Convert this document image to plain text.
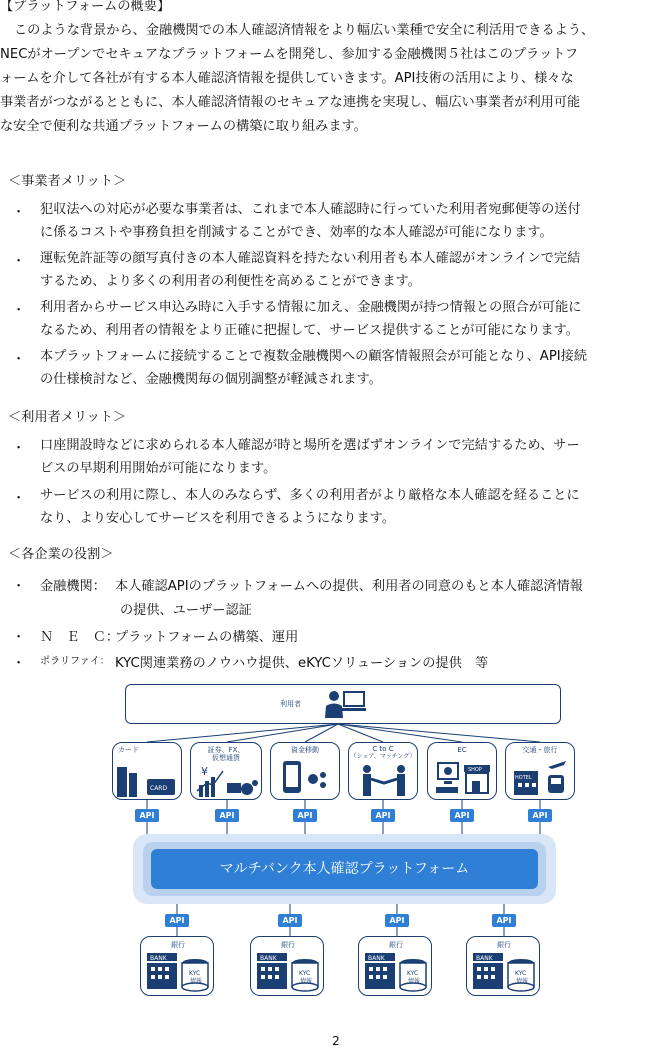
【プラットフォームの概要】
このような背景から、金融機関での本人確認済情報をより幅広い業種で安全に利活用できるよう、
NECがオープンでセキュアなプラットフォームを開発し、参加する金融機関５社はこのプラットフ
ォームを介して各社が有する本人確認済情報を提供していきます。API技術の活用により、様々な
事業者がつながるとともに、本人確認済情報のセキュアな連携を実現し、幅広い事業者が利用可能
な安全で便利な共通プラットフォームの構築に取り組みます。
＜事業者メリット＞
・ 犯収法への対応が必要な事業者は、これまで本人確認時に行っていた利用者宛郵便等の送付
に係るコストや事務負担を削減することができ、効率的な本人確認が可能になります。
・ 運転免許証等の顔写真付きの本人確認資料を持たない利用者も本人確認がオンラインで完結
するため、より多くの利用者の利便性を高めることができます。
・ 利用者からサービス申込み時に入手する情報に加え、金融機関が持つ情報との照合が可能に
なるため、利用者の情報をより正確に把握して、サービス提供することが可能になります。
・ 本プラットフォームに接続することで複数金融機関への顧客情報照会が可能となり、API接続
の仕様検討など、金融機関毎の個別調整が軽減されます。
＜利用者メリット＞
・ 口座開設時などに求められる本人確認が時と場所を選ばずオンラインで完結するため、サー
ビスの早期利用開始が可能になります。
・ サービスの利用に際し、本人のみならず、多くの利用者がより厳格な本人確認を経ることに
なり、より安心してサービスを利用できるようになります。
＜各企業の役割＞
・ 金融機関： 本人確認APIのプラットフォームへの提供、利用者の同意のもと本人確認済情報
の提供、ユーザー認証
・ Ｎ　Ｅ　Ｃ：
プラットフォームの構築、運用
・ ポラリファイ： KYC関連業務のノウハウ提供、eKYCソリューションの提供　等
利用者
カード
CARD
証券、FX、
仮想通貨
¥
資金移動	C to C
（シェア、マッチング）
EC
SHOP
交通・旅行
HOTEL
API	API	API	API	API	API
マルチバンク本人確認プラットフォーム
API	API	API	API
銀行
BANK
KYC
情報
銀行
BANK
KYC
情報
銀行
BANK
KYC
情報
銀行
BANK
KYC
情報
2
